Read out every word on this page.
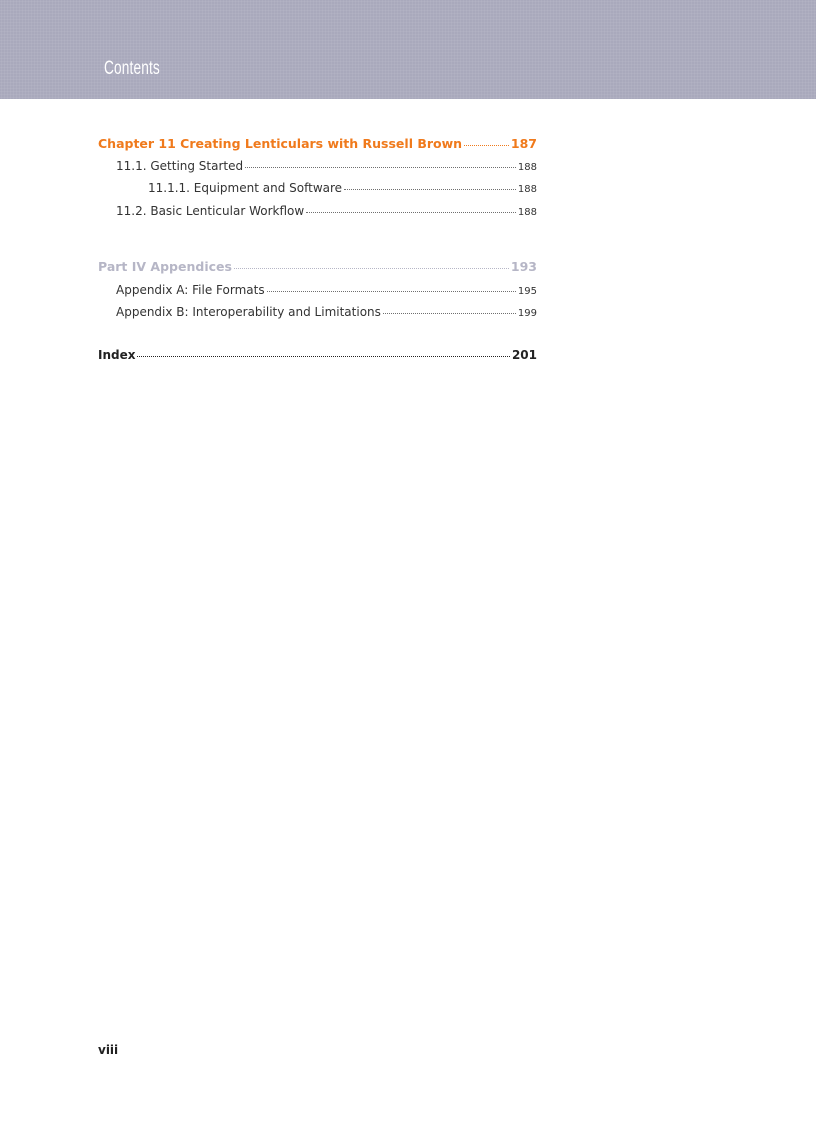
Contents
Chapter 11 Creating Lenticulars with Russell Brown	187
11.1. Getting Started	188
11.1.1. Equipment and Software	188
11.2. Basic Lenticular Workflow	188
Part IV Appendices	193
Appendix A: File Formats	195
Appendix B: Interoperability and Limitations	199
Index	201
viii
